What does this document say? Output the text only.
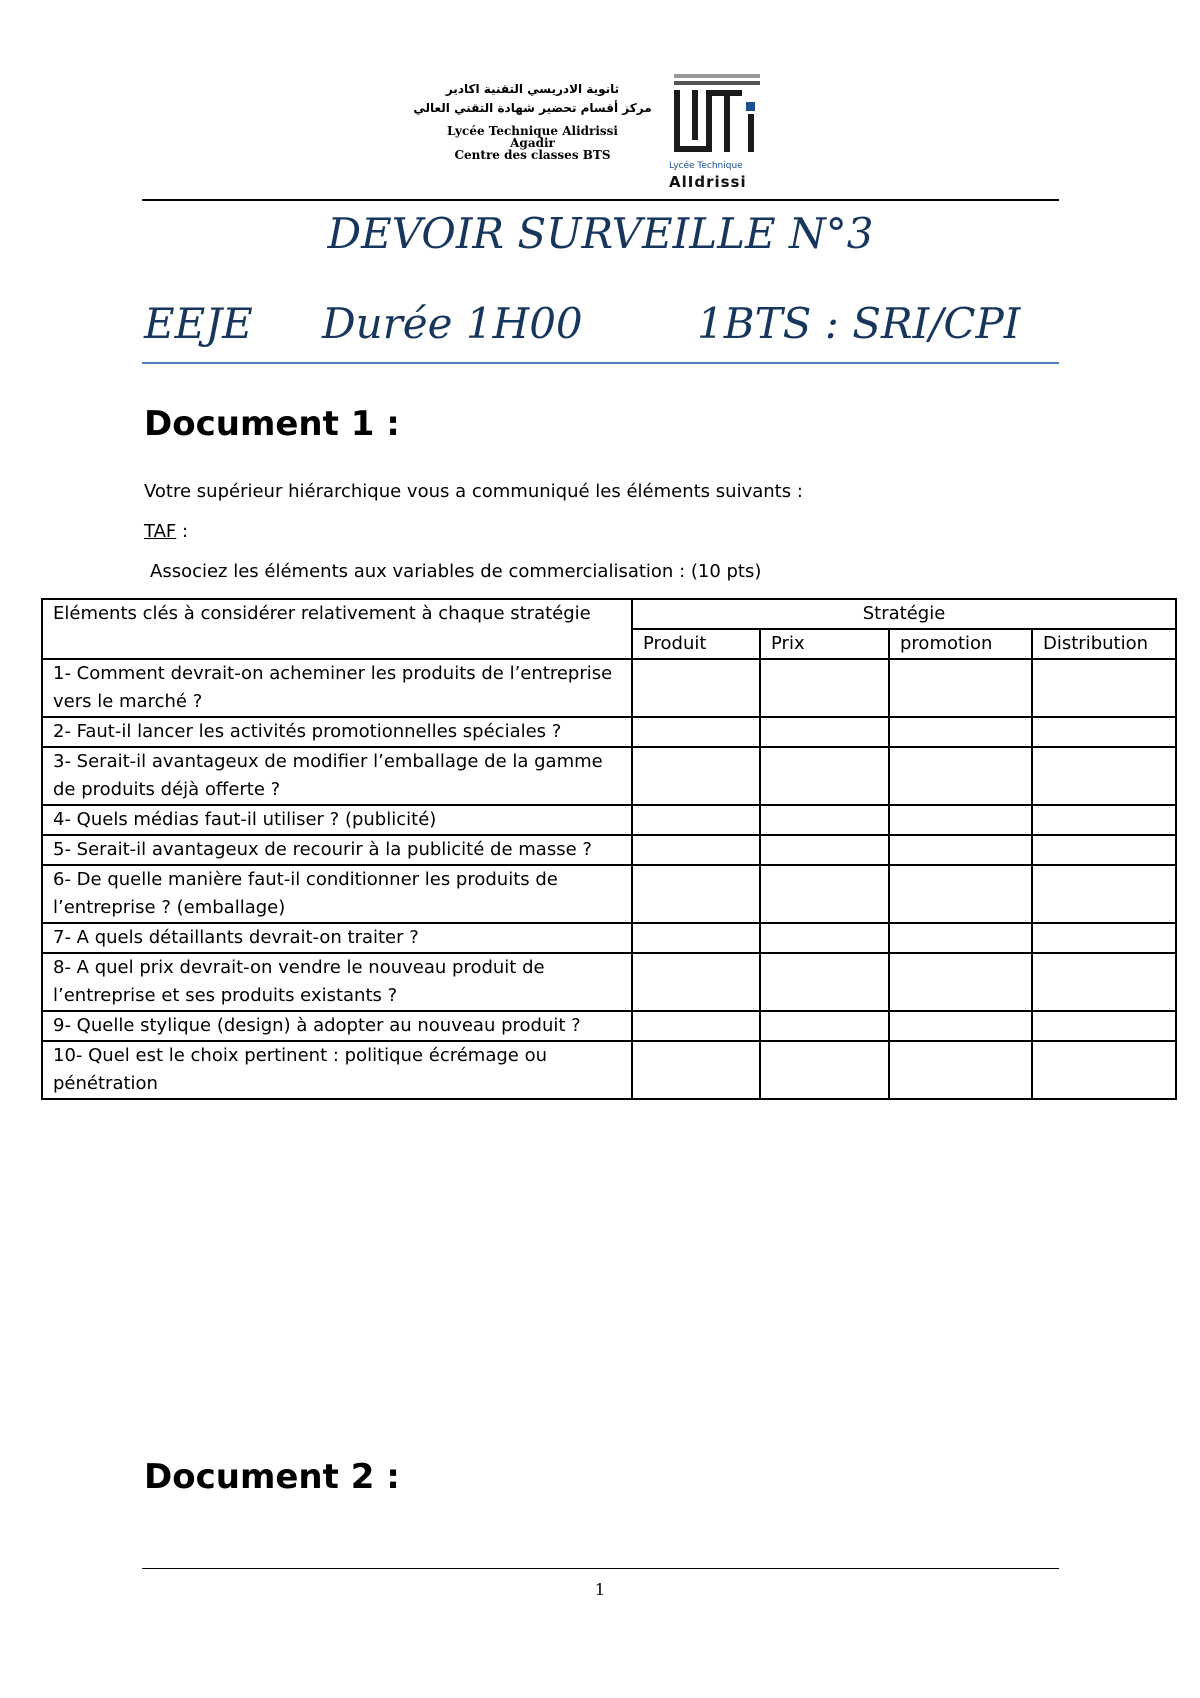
ثانوية الادريسي التقنية اكادير
مركز أقسام تحضير شهادة التقني العالي
Lycée Technique Alidrissi
Agadir
Centre des classes BTS
Lycée Technique
AlIdrissi
DEVOIR SURVEILLE N°3
EEJE Durée 1H00	1BTS : SRI/CPI
Document 1 :
Votre supérieur hiérarchique vous a communiqué les éléments suivants :
TAF :
Associez les éléments aux variables de commercialisation : (10 pts)
Eléments clés à considérer relativement à chaque stratégie	Stratégie			
	Produit	Prix	promotion	Distribution
1- Comment devrait-on acheminer les produits de l’entreprise vers le marché ?				
2- Faut-il lancer les activités promotionnelles spéciales ?				
3- Serait-il avantageux de modifier l’emballage de la gamme de produits déjà offerte ?				
4- Quels médias faut-il utiliser ? (publicité)				
5- Serait-il avantageux de recourir à la publicité de masse ?				
6- De quelle manière faut-il conditionner les produits de l’entreprise ? (emballage)				
7- A quels détaillants devrait-on traiter ?				
8- A quel prix devrait-on vendre le nouveau produit de l’entreprise et ses produits existants ?				
9- Quelle stylique (design) à adopter au nouveau produit ?				
10- Quel est le choix pertinent : politique écrémage ou pénétration				
Document 2 :
1
